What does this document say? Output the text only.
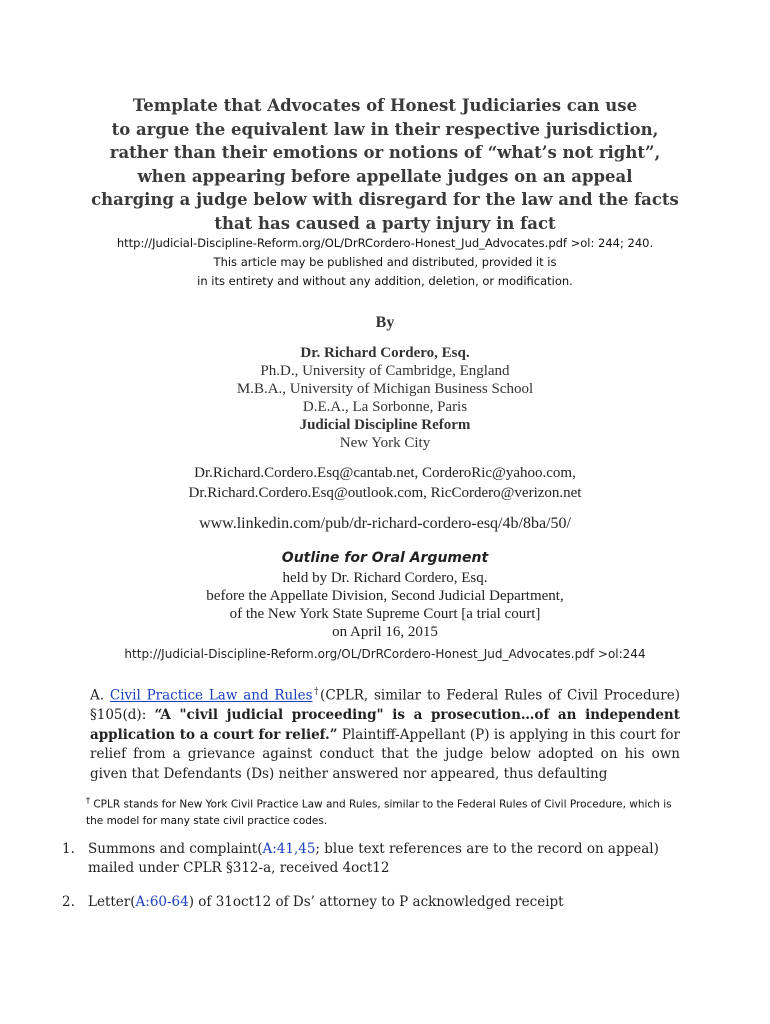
Template that Advocates of Honest Judiciaries can use
to argue the equivalent law in their respective jurisdiction,
rather than their emotions or notions of “what’s not right”,
when appearing before appellate judges on an appeal
charging a judge below with disregard for the law and the facts
that has caused a party injury in fact
http://Judicial-Discipline-Reform.org/OL/DrRCordero-Honest_Jud_Advocates.pdf >ol: 244; 240.
This article may be published and distributed, provided it is
in its entirety and without any addition, deletion, or modification.
By
Dr. Richard Cordero, Esq.
Ph.D., University of Cambridge, England
M.B.A., University of Michigan Business School
D.E.A., La Sorbonne, Paris
Judicial Discipline Reform
New York City
Dr.Richard.Cordero.Esq@cantab.net, CorderoRic@yahoo.com,
Dr.Richard.Cordero.Esq@outlook.com, RicCordero@verizon.net
www.linkedin.com/pub/dr-richard-cordero-esq/4b/8ba/50/
Outline for Oral Argument
held by Dr. Richard Cordero, Esq.
before the Appellate Division, Second Judicial Department,
of the New York State Supreme Court [a trial court]
on April 16, 2015
http://Judicial-Discipline-Reform.org/OL/DrRCordero-Honest_Jud_Advocates.pdf >ol:244
A. Civil Practice Law and Rules†(CPLR, similar to Federal Rules of Civil Procedure) §105(d): “A "civil judicial proceeding" is a prosecution…of an independent application to a court for relief.” Plaintiff-Appellant (P) is applying in this court for relief from a grievance against conduct that the judge below adopted on his own given that Defendants (Ds) neither answered nor appeared, thus defaulting
† CPLR stands for New York Civil Practice Law and Rules, similar to the Federal Rules of Civil Procedure, which is the model for many state civil practice codes.
1. Summons and complaint(A:41,45; blue text references are to the record on appeal) mailed under CPLR §312-a, received 4oct12
2. Letter(A:60-64) of 31oct12 of Ds’ attorney to P acknowledged receipt
